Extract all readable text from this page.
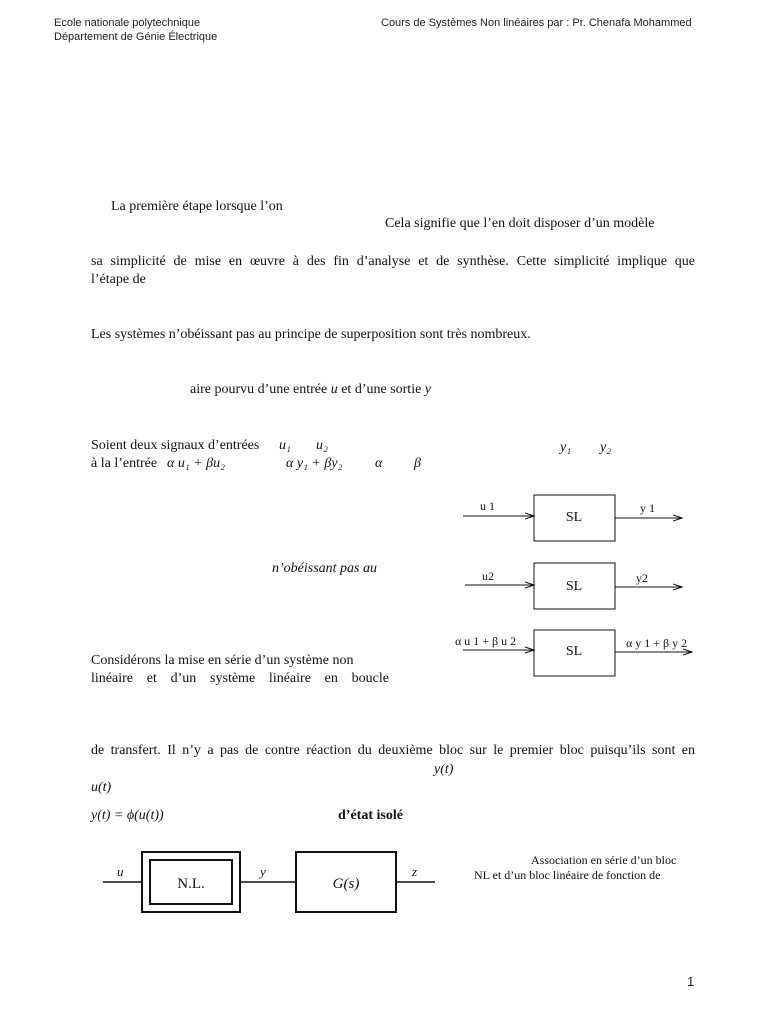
Ecole nationale polytechnique
Département de Génie Électrique
Cours de Systèmes Non linéaires par : Pr. Chenafa Mohammed
La première étape lorsque l’on
Cela signifie que l’en doit disposer d’un modèle
sa simplicité de mise en œuvre à des fin d’analyse et de synthèse. Cette simplicité implique que
l’étape de
Les systèmes n’obéissant pas au principe de superposition sont très nombreux.
aire pourvu d’une entrée u et d’une sortie y
Soient deux signaux d’entrées u₁ u₂	y₁ y₂
à la l’entrée α u₁ + βu₂	α y₁ + βy₂ α β
n’obéissant pas au
Considérons la mise en série d’un système non
linéaire et d’un système linéaire en boucle
de transfert. Il n’y a pas de contre réaction du deuxième bloc sur le premier bloc puisqu’ils sont en
y(t)
u(t)
y(t) = ϕ(u(t))	d’état isolé
SL
u 1	y 1
SL
u2	y2
SL
α u 1 + β u 2	α y 1 + β y 2
u
N.L.
y
G(s)
z
Association en série d’un bloc
NL et d’un bloc linéaire de fonction de
1
